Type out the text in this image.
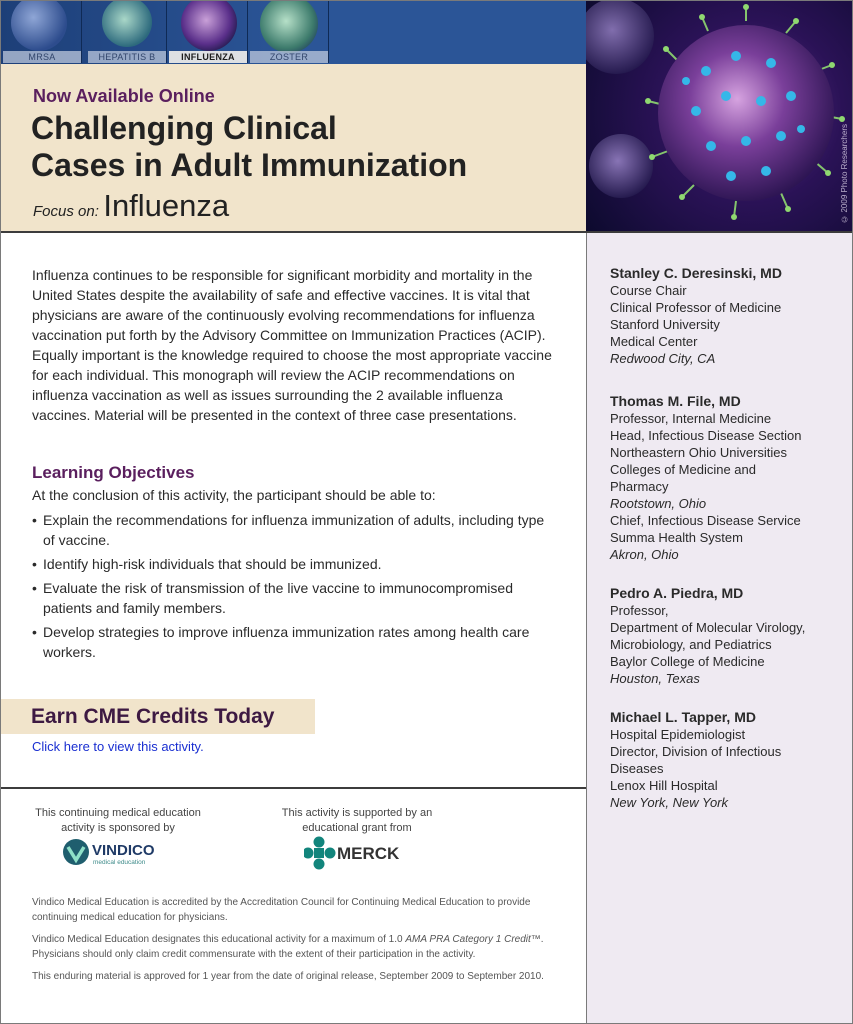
MRSA	HEPATITIS B	INFLUENZA	ZOSTER
Now Available Online
Challenging Clinical
Cases in Adult Immunization
Focus on: Influenza	© 2009 Photo Researchers

Influenza continues to be responsible for significant morbidity and mortality in the United States despite the availability of safe and effective vaccines. It is vital that physicians are aware of the continuously evolving recommendations for influenza vaccination put forth by the Advisory Committee on Immunization Practices (ACIP). Equally important is the knowledge required to choose the most appropriate vaccine for each individual. This monograph will review the ACIP recommendations on influenza vaccination as well as issues surrounding the 2 available influenza vaccines. Material will be presented in the context of three case presentations.

Learning Objectives
At the conclusion of this activity, the participant should be able to:
• Explain the recommendations for influenza immunization of adults, including type of vaccine.
• Identify high-risk individuals that should be immunized.
• Evaluate the risk of transmission of the live vaccine to immunocompromised patients and family members.
• Develop strategies to improve influenza immunization rates among health care workers.
Earn CME Credits Today
Click here to view this activity.
This continuing medical education
activity is sponsored by
This activity is supported by an
educational grant from
VINDICO
medical education	MERCK

Vindico Medical Education is accredited by the Accreditation Council for Continuing Medical Education to provide continuing medical education for physicians.

Vindico Medical Education designates this educational activity for a maximum of 1.0 AMA PRA Category 1 Credit™. Physicians should only claim credit commensurate with the extent of their participation in the activity.

This enduring material is approved for 1 year from the date of original release, September 2009 to September 2010.

Stanley C. Deresinski, MD
Course Chair
Clinical Professor of Medicine
Stanford University
Medical Center
Redwood City, CA
Thomas M. File, MD
Professor, Internal Medicine
Head, Infectious Disease Section
Northeastern Ohio Universities
Colleges of Medicine and
Pharmacy
Rootstown, Ohio
Chief, Infectious Disease Service
Summa Health System
Akron, Ohio
Pedro A. Piedra, MD
Professor,
Department of Molecular Virology,
Microbiology, and Pediatrics
Baylor College of Medicine
Houston, Texas
Michael L. Tapper, MD
Hospital Epidemiologist
Director, Division of Infectious
Diseases
Lenox Hill Hospital
New York, New York
